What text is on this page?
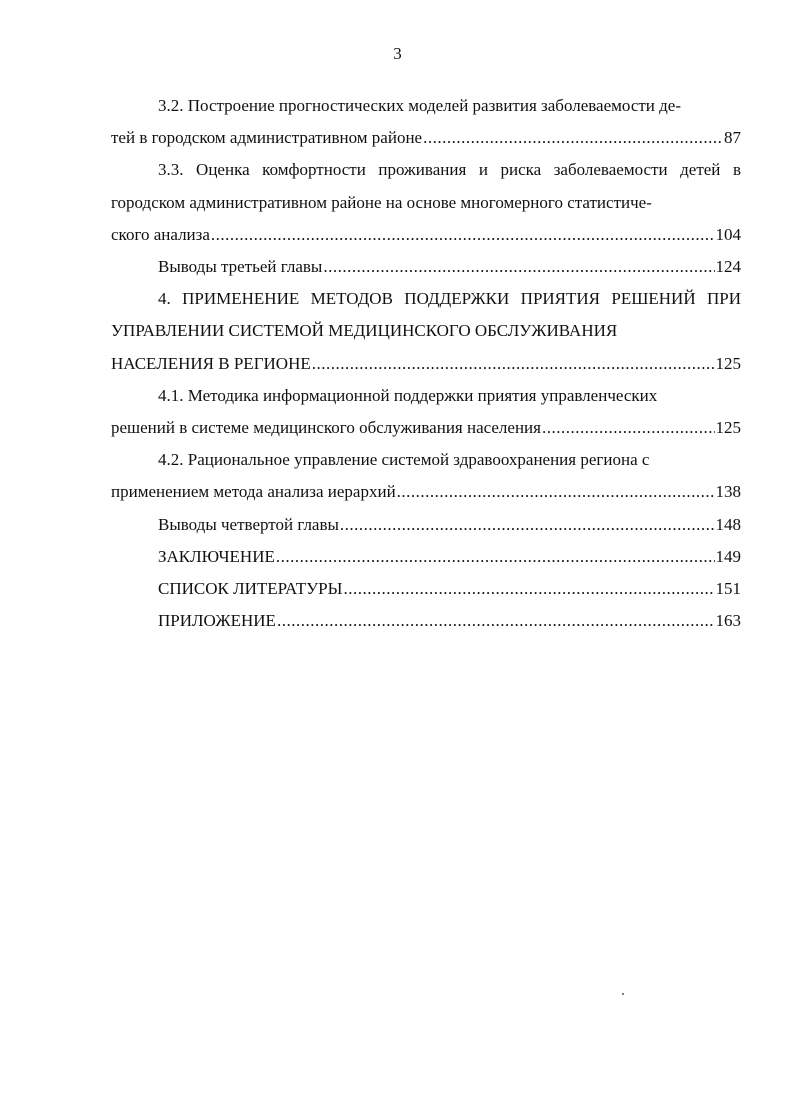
3
3.2. Построение прогностических моделей развития заболеваемости де-
тей в городском административном районе .....	87
3.3. Оценка комфортности проживания и риска заболеваемости детей в городском административном районе на основе многомерного статистиче-
ского анализа .....	104
Выводы третьей главы .....	124
4. ПРИМЕНЕНИЕ МЕТОДОВ ПОДДЕРЖКИ ПРИЯТИЯ РЕШЕНИЙ ПРИ УПРАВЛЕНИИ СИСТЕМОЙ МЕДИЦИНСКОГО ОБСЛУЖИВАНИЯ
НАСЕЛЕНИЯ В РЕГИОНЕ .....	125
4.1. Методика информационной поддержки приятия управленческих
решений в системе медицинского обслуживания населения .....	125
4.2. Рациональное управление системой здравоохранения региона с
применением метода анализа иерархий .....	138
Выводы четвертой главы .....	148
ЗАКЛЮЧЕНИЕ .....	149
СПИСОК ЛИТЕРАТУРЫ .....	151
ПРИЛОЖЕНИЕ .....	163
